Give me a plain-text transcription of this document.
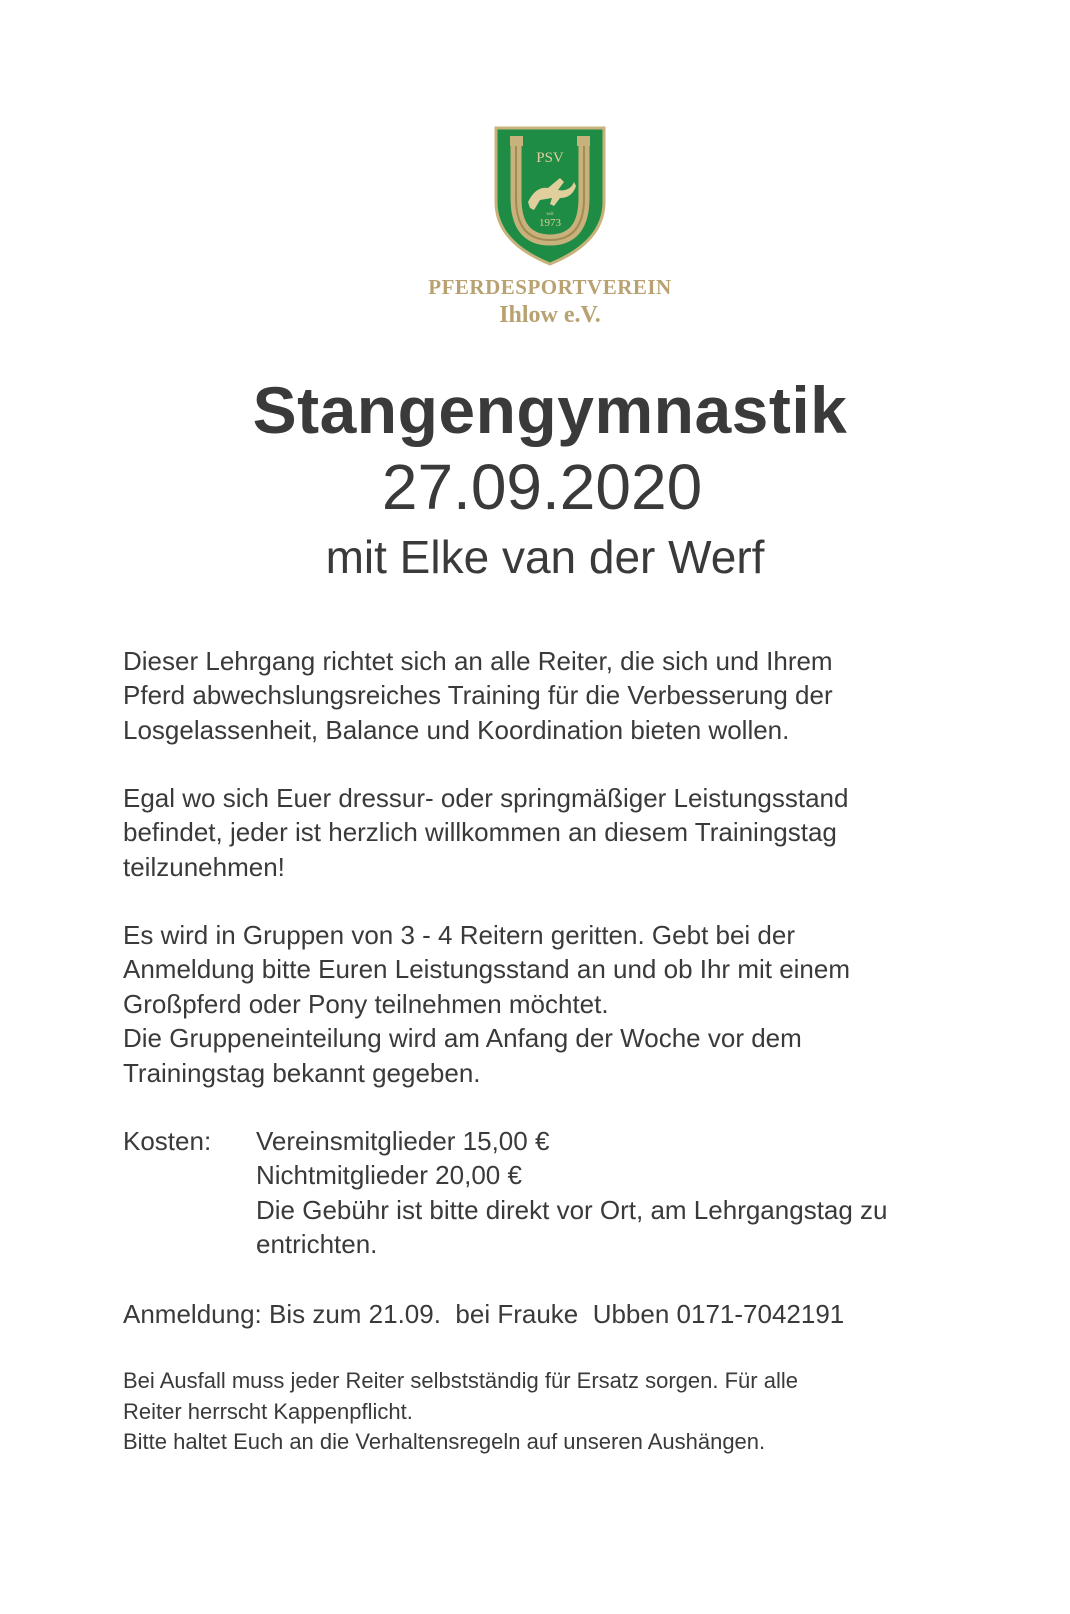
PSV
seit
1973
PFERDESPORTVEREIN
Ihlow e.V.
Stangengymnastik
27.09.2020
mit Elke van der Werf
Dieser Lehrgang richtet sich an alle Reiter, die sich und Ihrem
Pferd abwechslungsreiches Training für die Verbesserung der
Losgelassenheit, Balance und Koordination bieten wollen.
Egal wo sich Euer dressur- oder springmäßiger Leistungsstand
befindet, jeder ist herzlich willkommen an diesem Trainingstag
teilzunehmen!
Es wird in Gruppen von 3 - 4 Reitern geritten. Gebt bei der
Anmeldung bitte Euren Leistungsstand an und ob Ihr mit einem
Großpferd oder Pony teilnehmen möchtet.
Die Gruppeneinteilung wird am Anfang der Woche vor dem
Trainingstag bekannt gegeben.
Kosten: Vereinsmitglieder 15,00 €
Nichtmitglieder 20,00 €
Die Gebühr ist bitte direkt vor Ort, am Lehrgangstag zu
entrichten.
Anmeldung: Bis zum 21.09.  bei Frauke  Ubben 0171-7042191
Bei Ausfall muss jeder Reiter selbstständig für Ersatz sorgen. Für alle
Reiter herrscht Kappenpflicht.
Bitte haltet Euch an die Verhaltensregeln auf unseren Aushängen.
